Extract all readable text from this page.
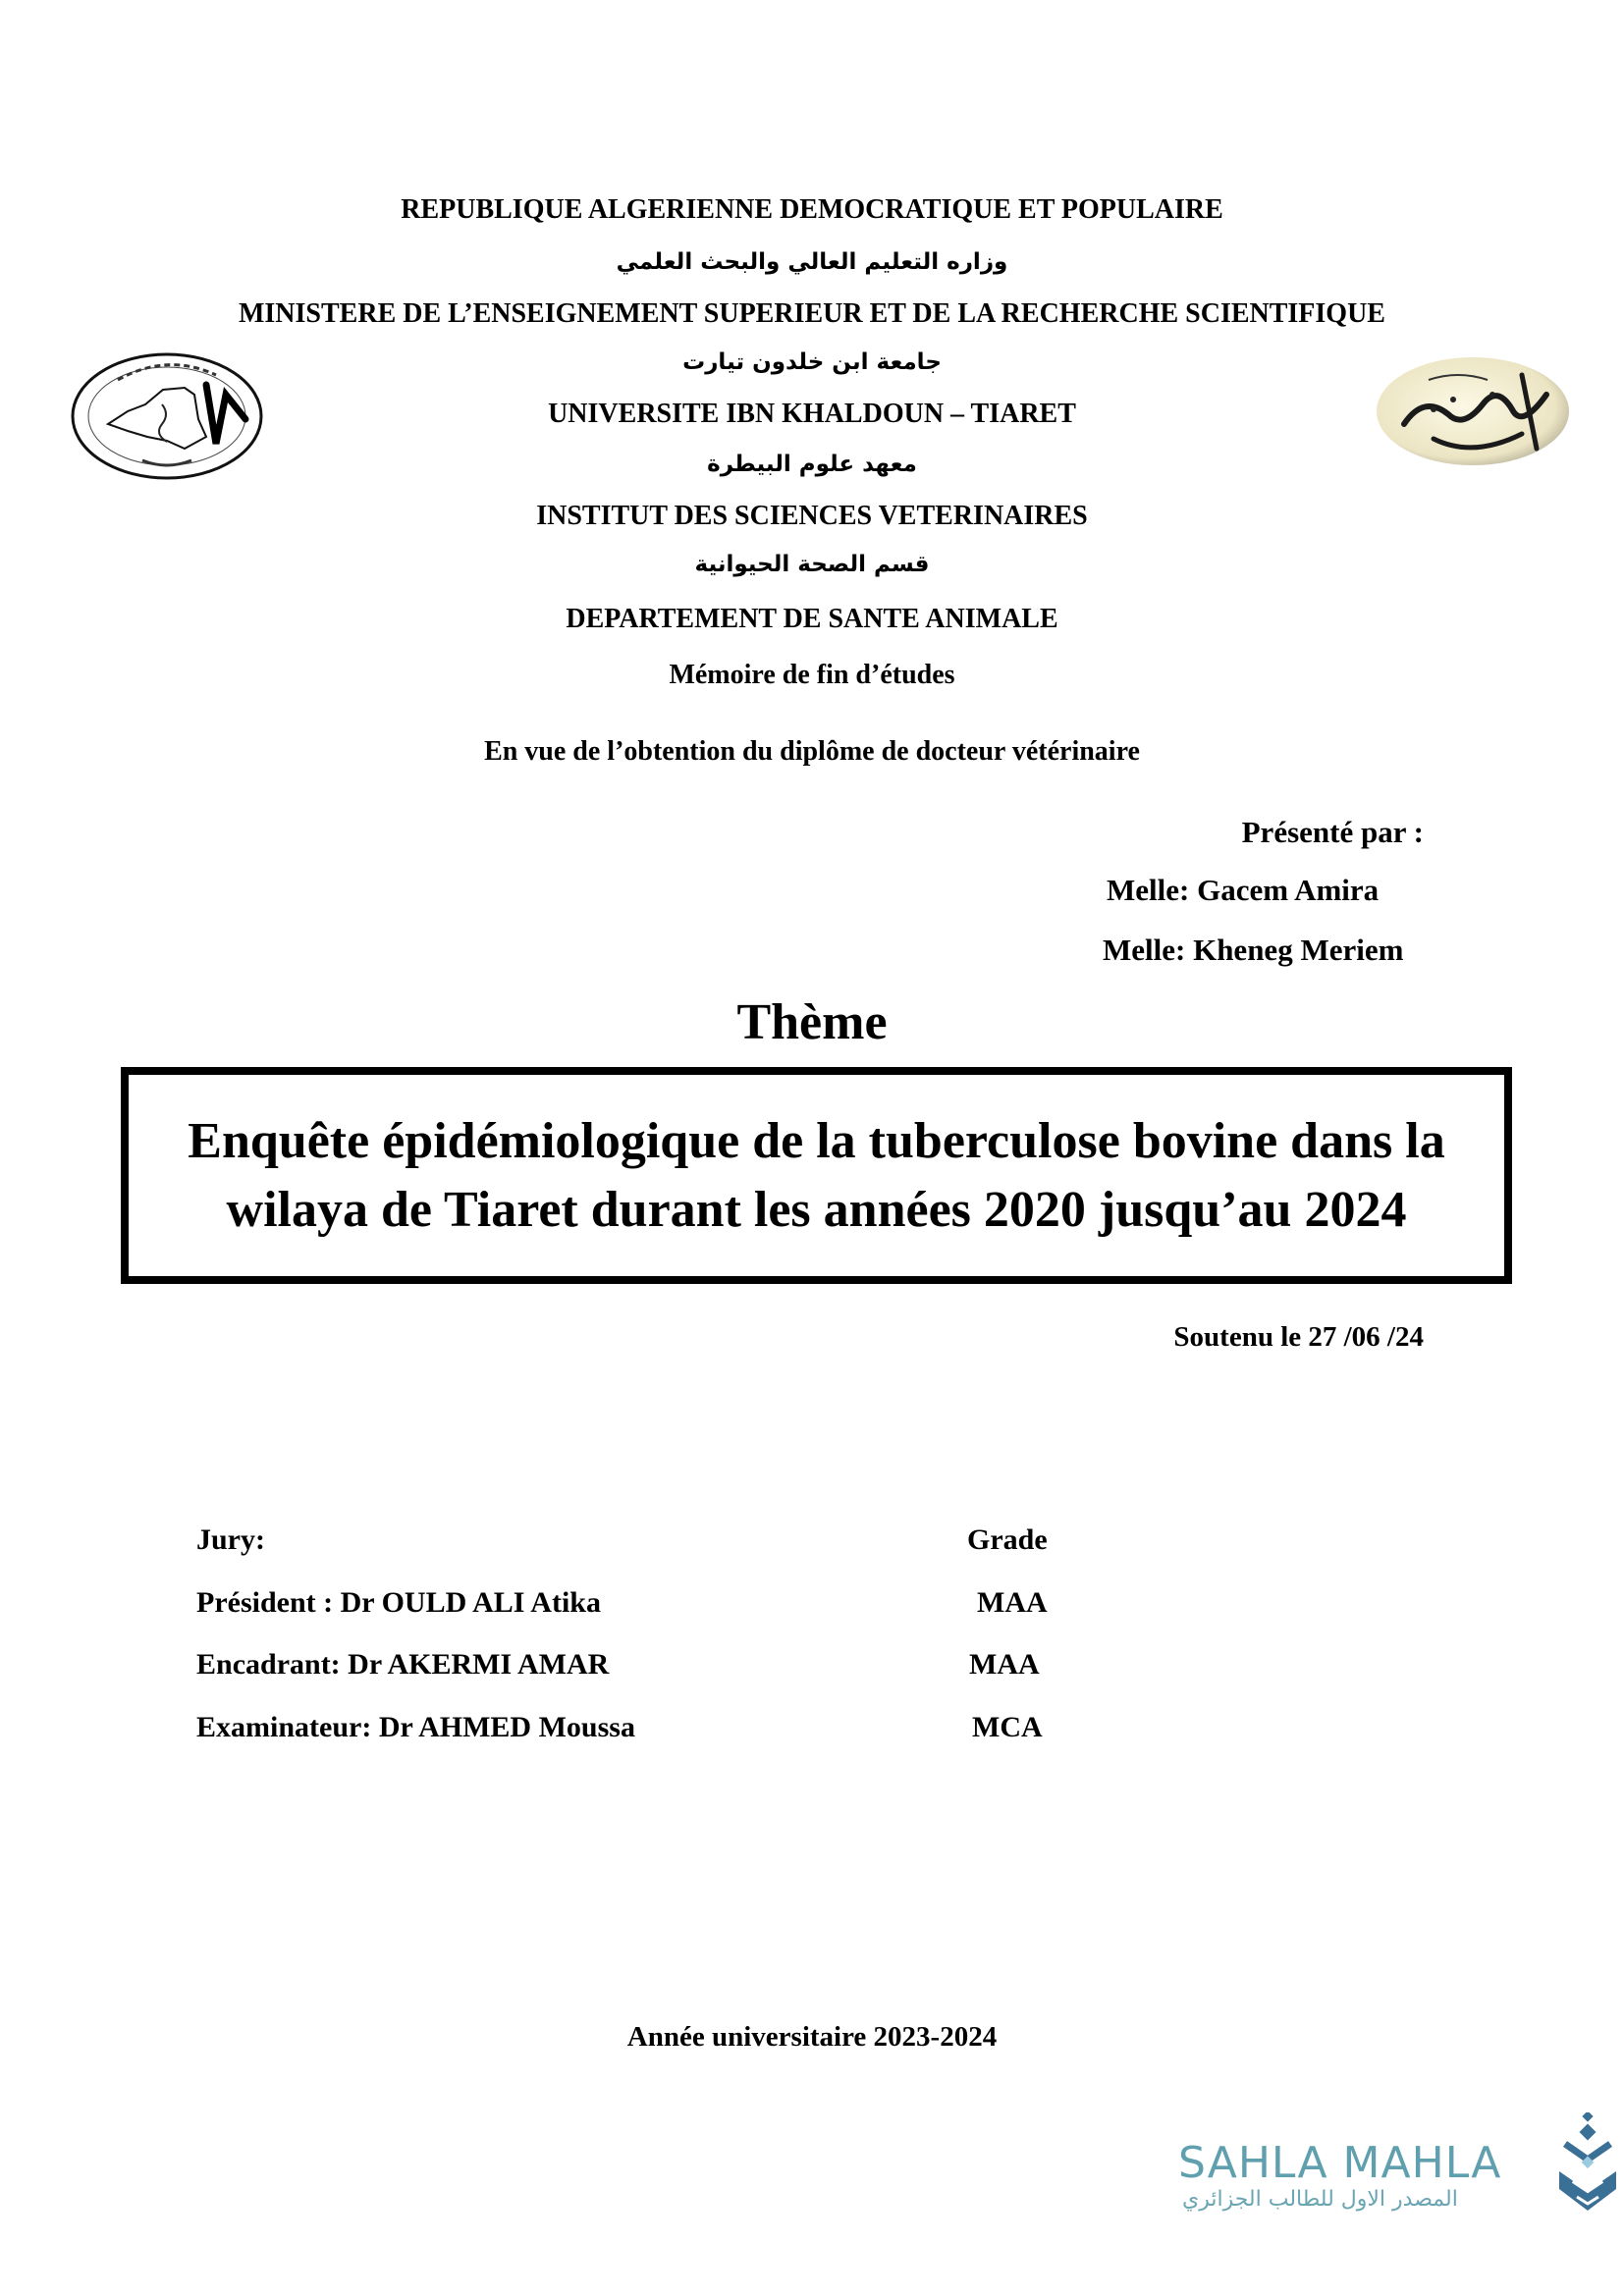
REPUBLIQUE ALGERIENNE DEMOCRATIQUE ET POPULAIRE
وزاره التعليم العالي والبحث العلمي
MINISTERE DE L’ENSEIGNEMENT SUPERIEUR ET DE LA RECHERCHE SCIENTIFIQUE
جامعة ابن خلدون تيارت
UNIVERSITE IBN KHALDOUN – TIARET
معهد علوم البيطرة
INSTITUT DES SCIENCES VETERINAIRES
قسم الصحة الحيوانية
DEPARTEMENT DE SANTE ANIMALE
Mémoire de fin d’études
En vue de l’obtention du diplôme de docteur vétérinaire
Présenté par :
Melle: Gacem Amira
Melle: Kheneg Meriem
Thème
Enquête épidémiologique de la tuberculose bovine dans la
wilaya de Tiaret durant les années 2020 jusqu’au 2024
Soutenu le 27 /06 /24
Jury:	Grade
Président : Dr OULD ALI Atika	MAA
Encadrant: Dr AKERMI AMAR	MAA
Examinateur: Dr AHMED Moussa	MCA
Année universitaire 2023-2024
SAHLA MAHLA
المصدر الاول للطالب الجزائري
